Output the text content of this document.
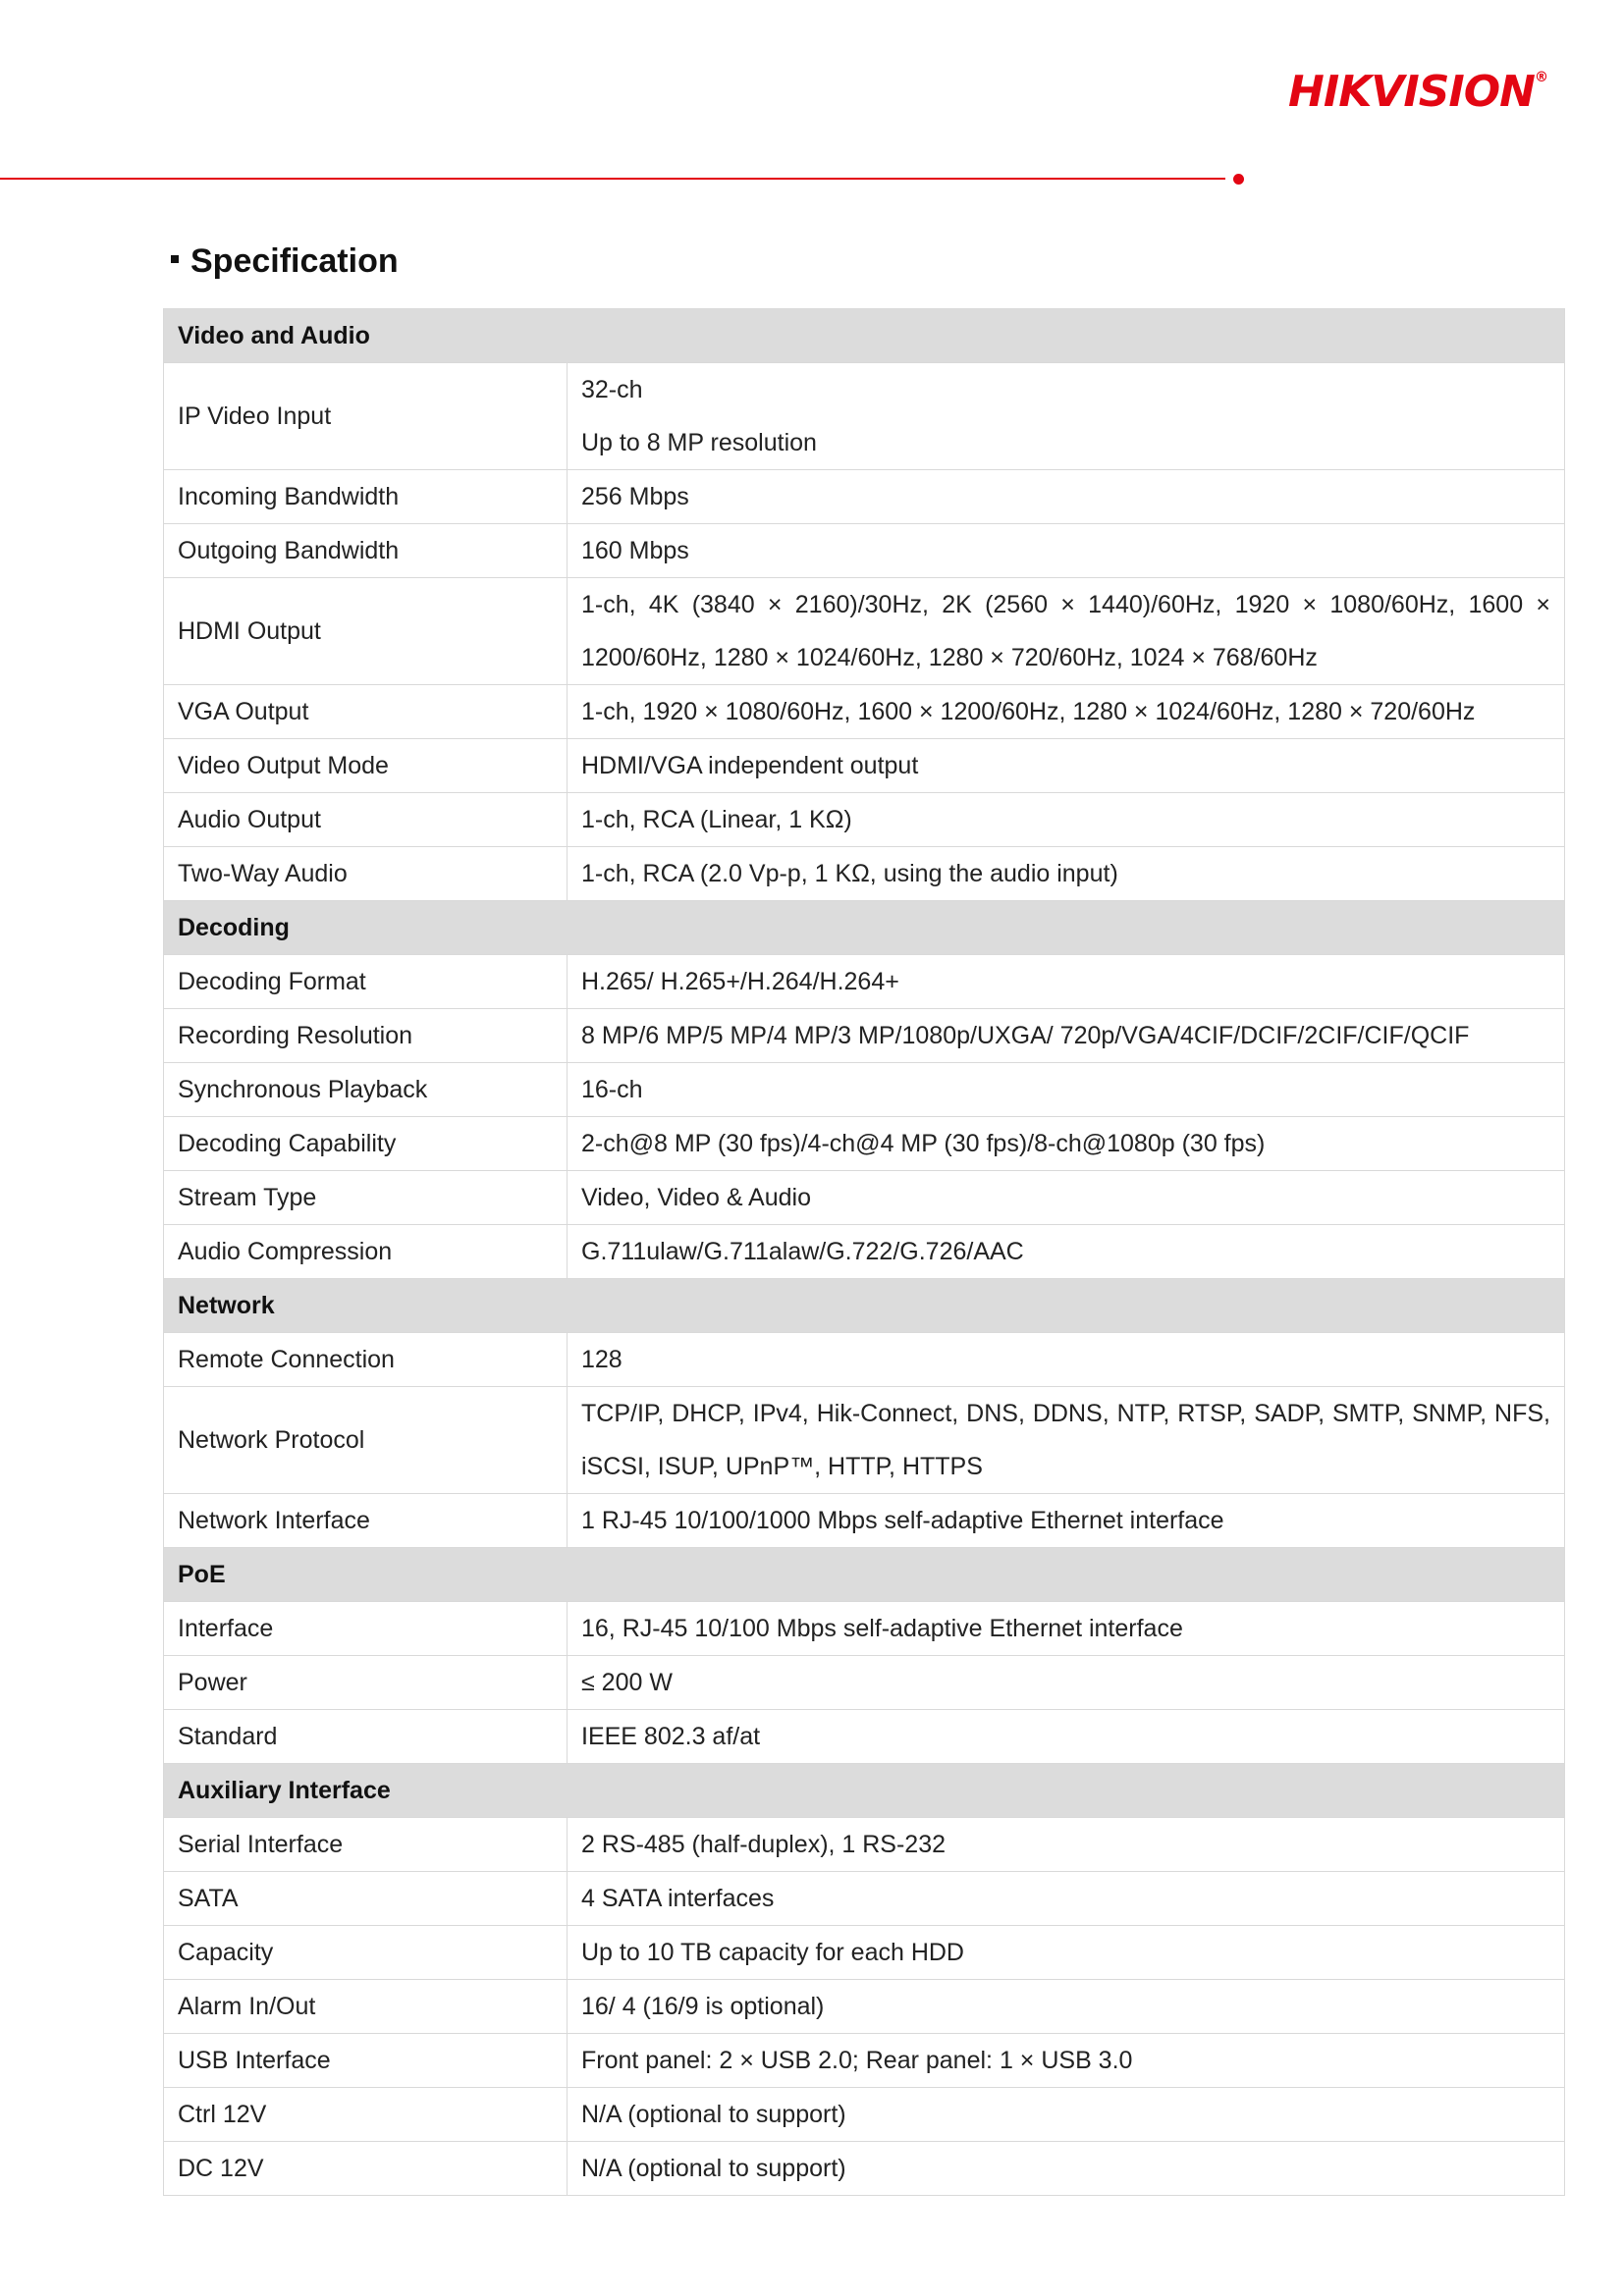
HIKVISION®
Specification
Video and Audio	
IP Video Input	32-ch
Up to 8 MP resolution

Incoming Bandwidth	256 Mbps

Outgoing Bandwidth	160 Mbps

HDMI Output	1-ch, 4K (3840 × 2160)/30Hz, 2K (2560 × 1440)/60Hz, 1920 × 1080/60Hz, 1600 × 1200/60Hz, 1280 × 1024/60Hz, 1280 × 720/60Hz, 1024 × 768/60Hz

VGA Output	1-ch, 1920 × 1080/60Hz, 1600 × 1200/60Hz, 1280 × 1024/60Hz, 1280 × 720/60Hz

Video Output Mode	HDMI/VGA independent output

Audio Output	1-ch, RCA (Linear, 1 KΩ)

Two-Way Audio	1-ch, RCA (2.0 Vp-p, 1 KΩ, using the audio input)

Decoding	
Decoding Format	H.265/ H.265+/H.264/H.264+

Recording Resolution	8 MP/6 MP/5 MP/4 MP/3 MP/1080p/UXGA/ 720p/VGA/4CIF/DCIF/2CIF/CIF/QCIF

Synchronous Playback	16-ch

Decoding Capability	2-ch@8 MP (30 fps)/4-ch@4 MP (30 fps)/8-ch@1080p (30 fps)

Stream Type	Video, Video & Audio

Audio Compression	G.711ulaw/G.711alaw/G.722/G.726/AAC

Network	
Remote Connection	128

Network Protocol	TCP/IP, DHCP, IPv4, Hik-Connect, DNS, DDNS, NTP, RTSP, SADP, SMTP, SNMP, NFS, iSCSI, ISUP, UPnP™, HTTP, HTTPS

Network Interface	1 RJ-45 10/100/1000 Mbps self-adaptive Ethernet interface

PoE	
Interface	16, RJ-45 10/100 Mbps self-adaptive Ethernet interface

Power	≤ 200 W

Standard	IEEE 802.3 af/at

Auxiliary Interface	
Serial Interface	2 RS-485 (half-duplex), 1 RS-232

SATA	4 SATA interfaces

Capacity	Up to 10 TB capacity for each HDD

Alarm In/Out	16/ 4 (16/9 is optional)

USB Interface	Front panel: 2 × USB 2.0; Rear panel: 1 × USB 3.0

Ctrl 12V	N/A (optional to support)

DC 12V	N/A (optional to support)
